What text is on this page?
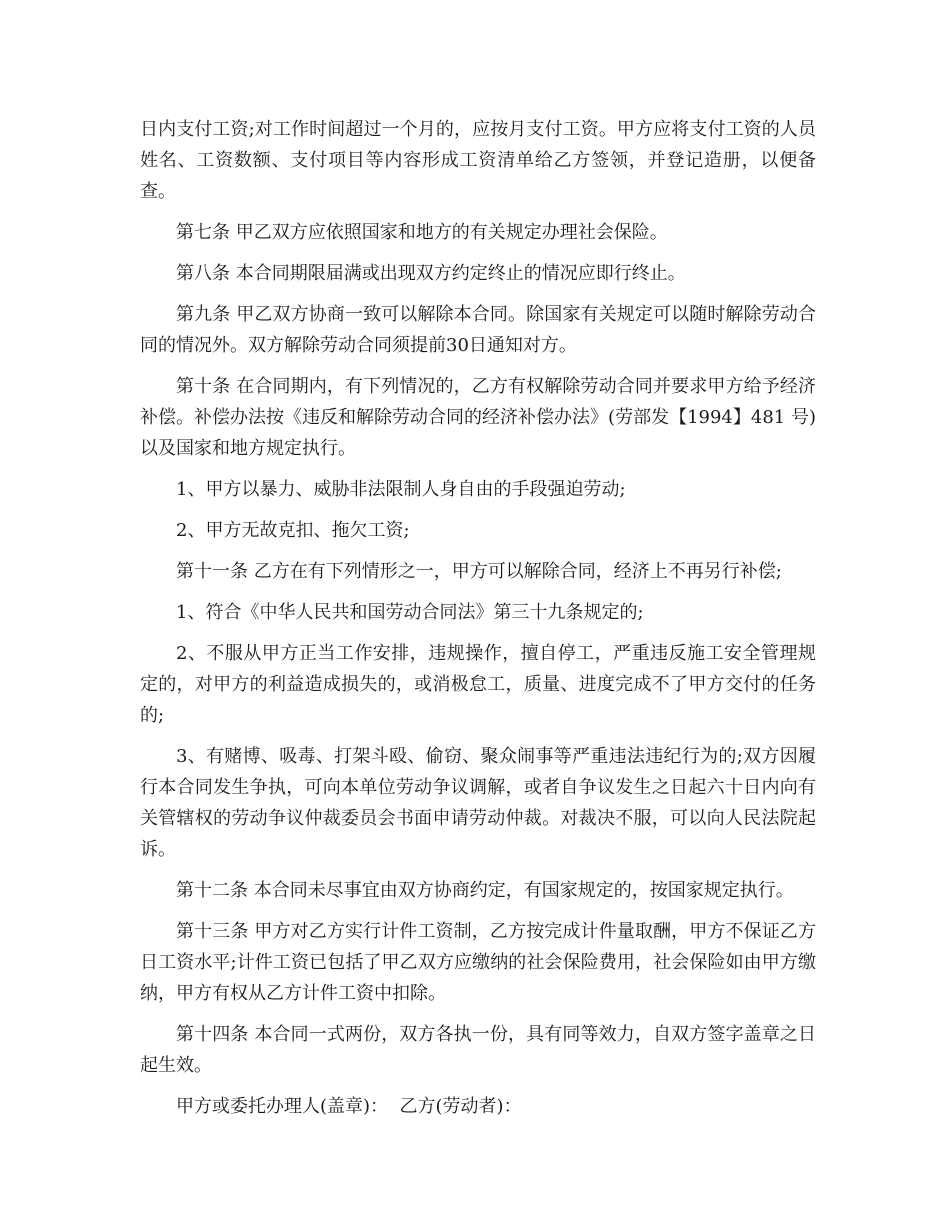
日内支付工资;对工作时间超过一个月的，应按月支付工资。甲方应将支付工资的人员姓名、工资数额、支付项目等内容形成工资清单给乙方签领，并登记造册，以便备查。

第七条 甲乙双方应依照国家和地方的有关规定办理社会保险。

第八条 本合同期限届满或出现双方约定终止的情况应即行终止。

第九条 甲乙双方协商一致可以解除本合同。除国家有关规定可以随时解除劳动合同的情况外。双方解除劳动合同须提前30日通知对方。

第十条 在合同期内，有下列情况的，乙方有权解除劳动合同并要求甲方给予经济补偿。补偿办法按《违反和解除劳动合同的经济补偿办法》(劳部发【1994】481 号)以及国家和地方规定执行。

1、甲方以暴力、威胁非法限制人身自由的手段强迫劳动;

2、甲方无故克扣、拖欠工资;

第十一条 乙方在有下列情形之一，甲方可以解除合同，经济上不再另行补偿;

1、符合《中华人民共和国劳动合同法》第三十九条规定的;

2、不服从甲方正当工作安排，违规操作，擅自停工，严重违反施工安全管理规定的，对甲方的利益造成损失的，或消极怠工，质量、进度完成不了甲方交付的任务的;

3、有赌博、吸毒、打架斗殴、偷窃、聚众闹事等严重违法违纪行为的;双方因履行本合同发生争执，可向本单位劳动争议调解，或者自争议发生之日起六十日内向有关管辖权的劳动争议仲裁委员会书面申请劳动仲裁。对裁决不服，可以向人民法院起诉。

第十二条 本合同未尽事宜由双方协商约定，有国家规定的，按国家规定执行。

第十三条 甲方对乙方实行计件工资制，乙方按完成计件量取酬，甲方不保证乙方日工资水平;计件工资已包括了甲乙双方应缴纳的社会保险费用，社会保险如由甲方缴纳，甲方有权从乙方计件工资中扣除。

第十四条 本合同一式两份，双方各执一份，具有同等效力，自双方签字盖章之日起生效。

甲方或委托办理人(盖章)： 乙方(劳动者)：
